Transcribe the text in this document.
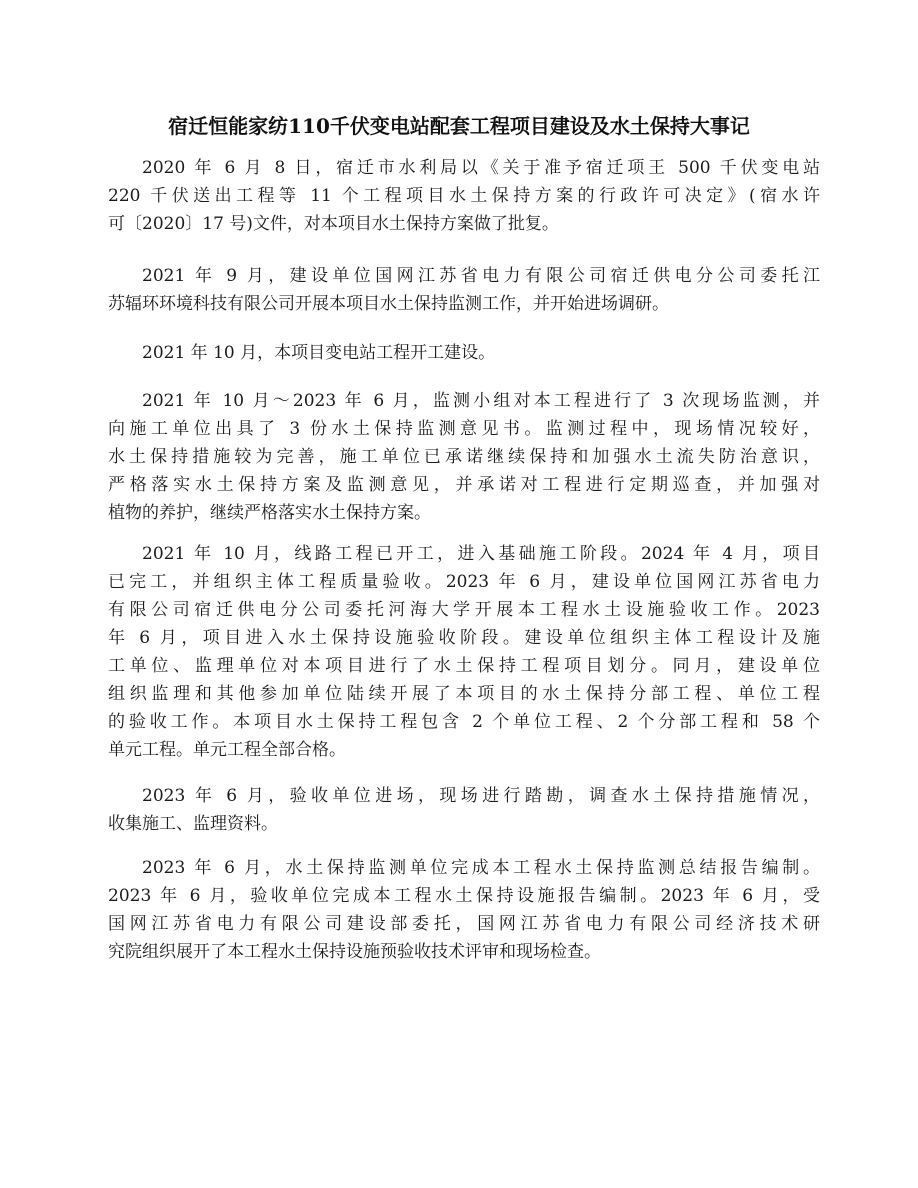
宿迁恒能家纺110千伏变电站配套工程项目建设及水土保持大事记

2020 年 6 月 8 日，宿迁市水利局以《关于准予宿迁项王 500 千伏变电站
220 千伏送出工程等 11 个工程项目水土保持方案的行政许可决定》(宿水许
可〔2020〕17 号)文件，对本项目水土保持方案做了批复。

2021 年 9 月，建设单位国网江苏省电力有限公司宿迁供电分公司委托江
苏辐环环境科技有限公司开展本项目水土保持监测工作，并开始进场调研。

2021 年 10 月，本项目变电站工程开工建设。

2021 年 10 月～2023 年 6 月，监测小组对本工程进行了 3 次现场监测，并
向施工单位出具了 3 份水土保持监测意见书。监测过程中，现场情况较好，
水土保持措施较为完善，施工单位已承诺继续保持和加强水土流失防治意识，
严格落实水土保持方案及监测意见，并承诺对工程进行定期巡查，并加强对
植物的养护，继续严格落实水土保持方案。

2021 年 10 月，线路工程已开工，进入基础施工阶段。2024 年 4 月，项目
已完工，并组织主体工程质量验收。2023 年 6 月，建设单位国网江苏省电力
有限公司宿迁供电分公司委托河海大学开展本工程水土设施验收工作。2023
年 6 月，项目进入水土保持设施验收阶段。建设单位组织主体工程设计及施
工单位、监理单位对本项目进行了水土保持工程项目划分。同月，建设单位
组织监理和其他参加单位陆续开展了本项目的水土保持分部工程、单位工程
的验收工作。本项目水土保持工程包含 2 个单位工程、2 个分部工程和 58 个
单元工程。单元工程全部合格。

2023 年 6 月，验收单位进场，现场进行踏勘，调查水土保持措施情况，
收集施工、监理资料。

2023 年 6 月，水土保持监测单位完成本工程水土保持监测总结报告编制。
2023 年 6 月，验收单位完成本工程水土保持设施报告编制。2023 年 6 月，受
国网江苏省电力有限公司建设部委托，国网江苏省电力有限公司经济技术研
究院组织展开了本工程水土保持设施预验收技术评审和现场检查。
